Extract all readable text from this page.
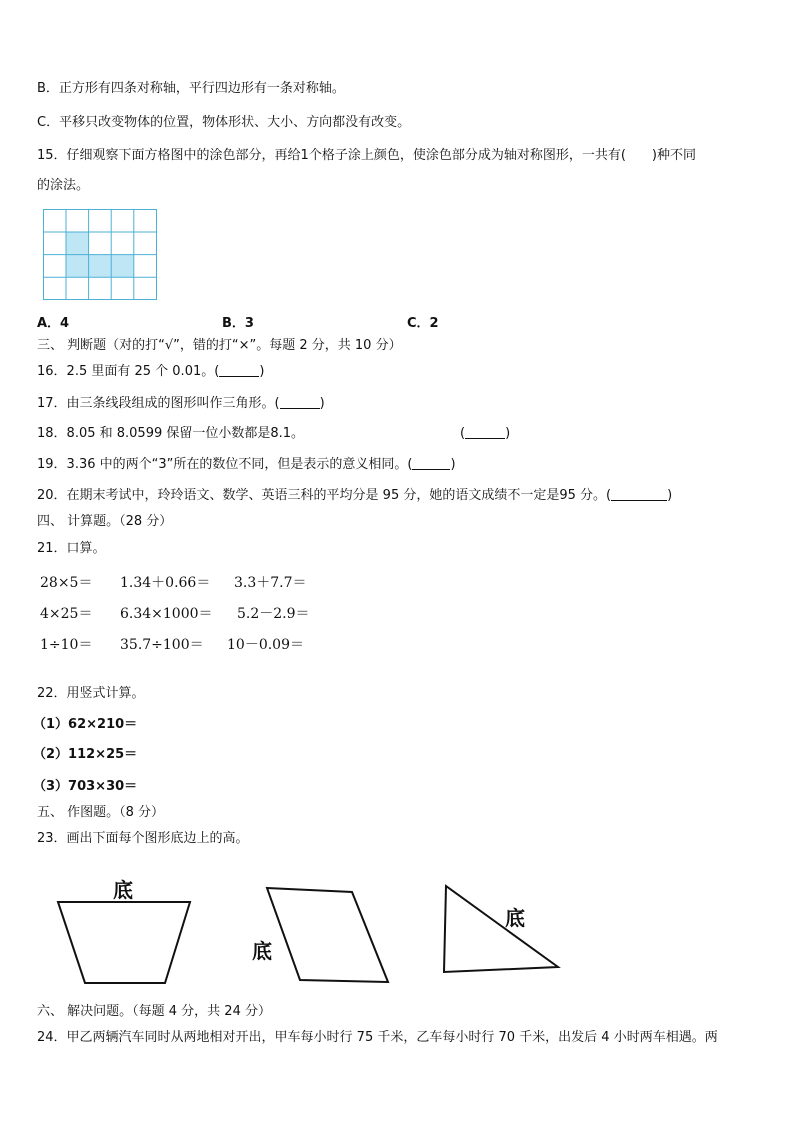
B．正方形有四条对称轴，平行四边形有一条对称轴。
C．平移只改变物体的位置，物体形状、大小、方向都没有改变。
15．仔细观察下面方格图中的涂色部分，再给1个格子涂上颜色，使涂色部分成为轴对称图形，一共有(　　)种不同
的涂法。
A．4	B．3	C．2
三、 判断题（对的打“√”，错的打“×”。每题 2 分，共 10 分）
16．2.5 里面有 25 个 0.01。(	)
17．由三条线段组成的图形叫作三角形。(	)
18．8.05 和 8.0599 保留一位小数都是8.1。	(	)
19．3.36 中的两个“3”所在的数位不同，但是表示的意义相同。(	)
20．在期末考试中，玲玲语文、数学、英语三科的平均分是 95 分，她的语文成绩不一定是95 分。(	)
四、 计算题。（28 分）
21．口算。
28×5＝ 1.34＋0.66＝ 3.3＋7.7＝
4×25＝ 6.34×1000＝ 5.2－2.9＝
1÷10＝ 35.7÷100＝ 10－0.09＝
22．用竖式计算。
（1）62×210＝
（2）112×25＝
（3）703×30＝
五、 作图题。（8 分）
23．画出下面每个图形底边上的高。
底
底
底
六、 解决问题。（每题 4 分，共 24 分）
24．甲乙两辆汽车同时从两地相对开出，甲车每小时行 75 千米，乙车每小时行 70 千米，出发后 4 小时两车相遇。两
